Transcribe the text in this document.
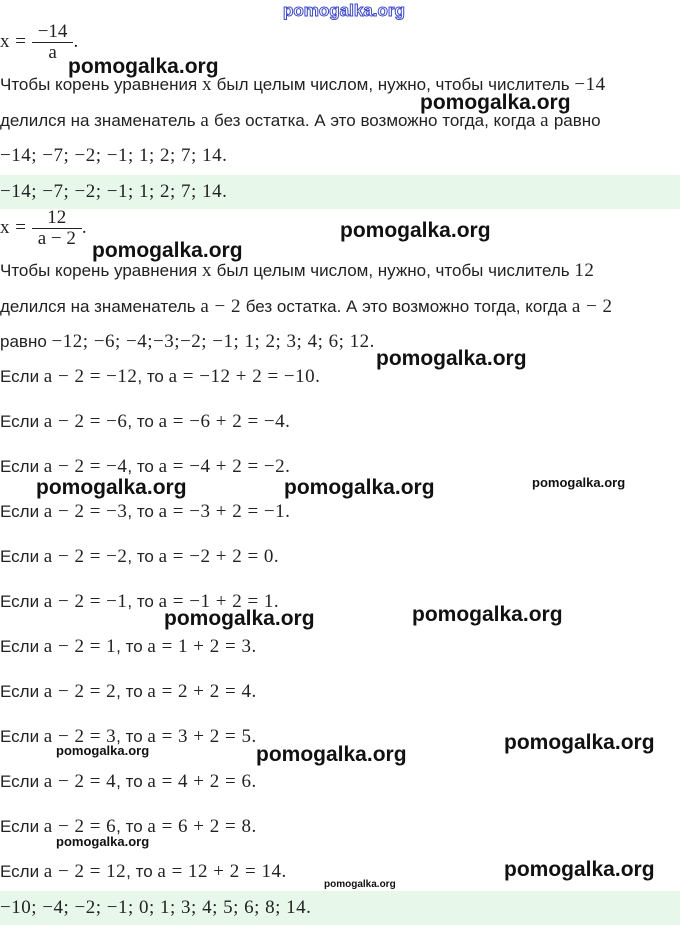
pomogalka.org
$x = \frac{-14}{a}$ .
Чтобы корень уравнения x был целым числом, нужно, чтобы числитель −14
делился на знаменатель a без остатка. А это возможно тогда, когда a равно
−14; −7; −2; −1; 1; 2; 7; 14.
−14; −7; −2; −1; 1; 2; 7; 14.
$x = \frac{12}{a - 2}$ .
Чтобы корень уравнения x был целым числом, нужно, чтобы числитель 12
делился на знаменатель a − 2 без остатка. А это возможно тогда, когда a − 2
равно −12; −6; −4;−3;−2; −1; 1; 2; 3; 4; 6; 12.
Если a − 2 = −12, то a = −12 + 2 = −10.
Если a − 2 = −6, то a = −6 + 2 = −4.
Если a − 2 = −4, то a = −4 + 2 = −2.
Если a − 2 = −3, то a = −3 + 2 = −1.
Если a − 2 = −2, то a = −2 + 2 = 0.
Если a − 2 = −1, то a = −1 + 2 = 1.
Если a − 2 = 1, то a = 1 + 2 = 3.
Если a − 2 = 2, то a = 2 + 2 = 4.
Если a − 2 = 3, то a = 3 + 2 = 5.
Если a − 2 = 4, то a = 4 + 2 = 6.
Если a − 2 = 6, то a = 6 + 2 = 8.
Если a − 2 = 12, то a = 12 + 2 = 14.
−10; −4; −2; −1; 0; 1; 3; 4; 5; 6; 8; 14.
pomogalka.org
pomogalka.org
pomogalka.org
pomogalka.org
pomogalka.org
pomogalka.org	pomogalka.org	pomogalka.org
pomogalka.org	pomogalka.org
pomogalka.org	pomogalka.org
pomogalka.org
pomogalka.org
pomogalka.org
pomogalka.org
